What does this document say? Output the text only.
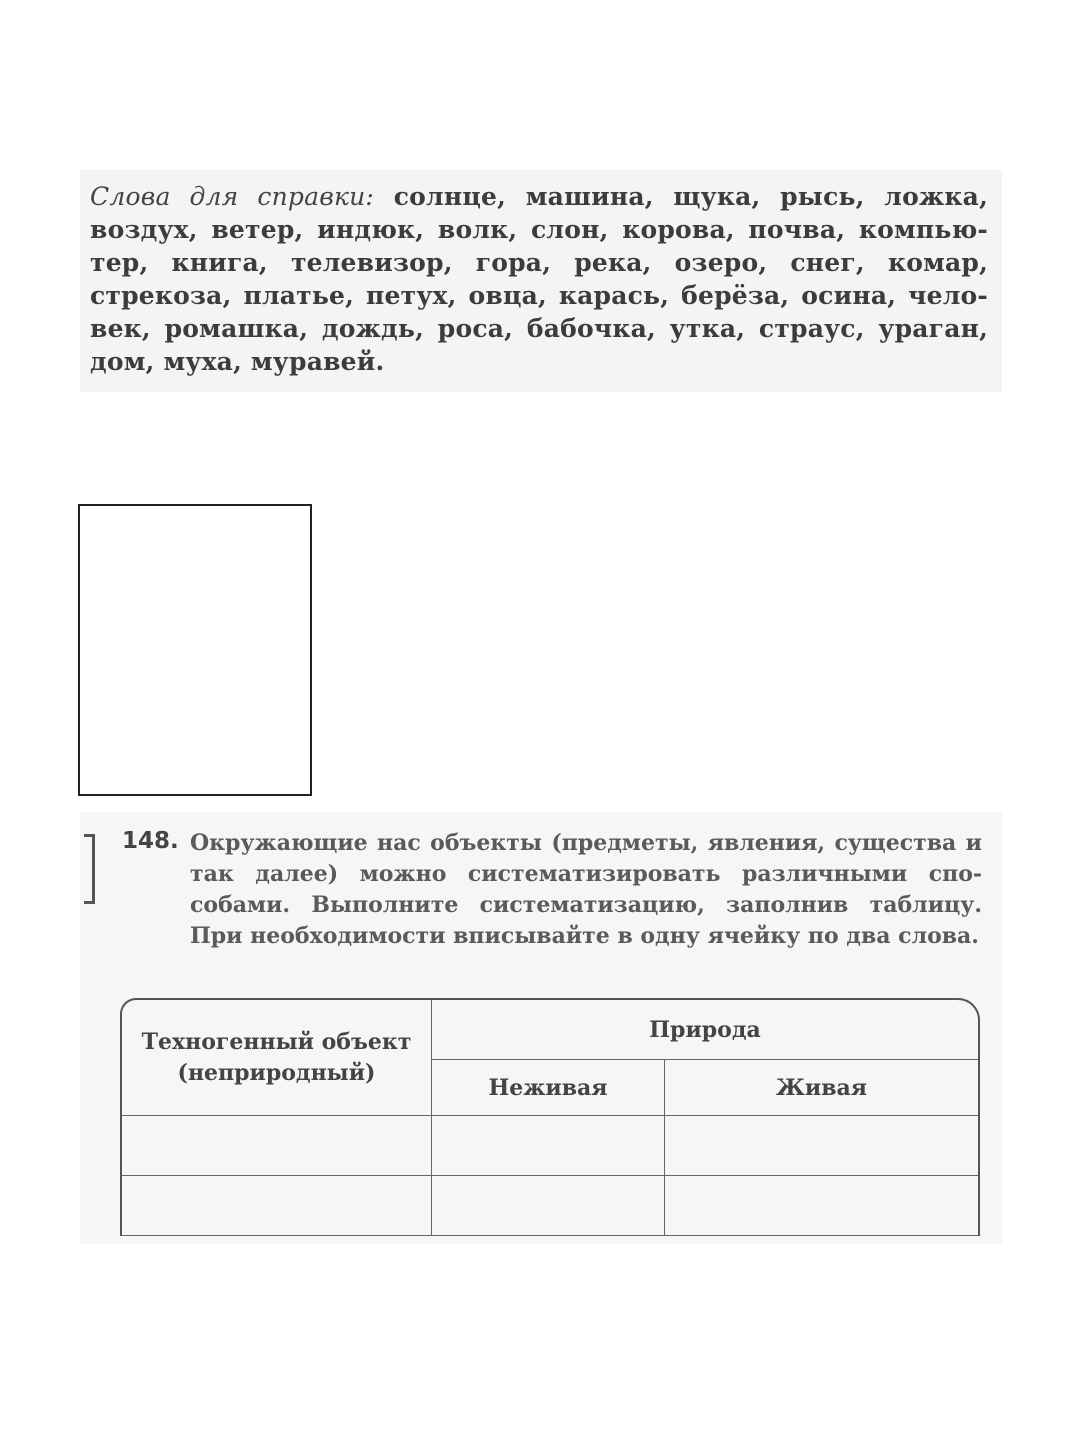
Слова для справки: солнце, машина, щука, рысь, ложка, воздух, ветер, индюк, волк, слон, корова, почва, компью-тер, книга, телевизор, гора, река, озеро, снег, комар, стрекоза, платье, петух, овца, карась, берёза, осина, чело-век, ромашка, дождь, роса, бабочка, утка, страус, ураган, дом, муха, муравей.
148. Окружающие нас объекты (предметы, явления, существа и так далее) можно систематизировать различными спо-собами. Выполните систематизацию, заполнив таблицу. При необходимости вписывайте в одну ячейку по два слова.
Техногенный объект (неприродный)	Природа	
	Неживая	Живая
